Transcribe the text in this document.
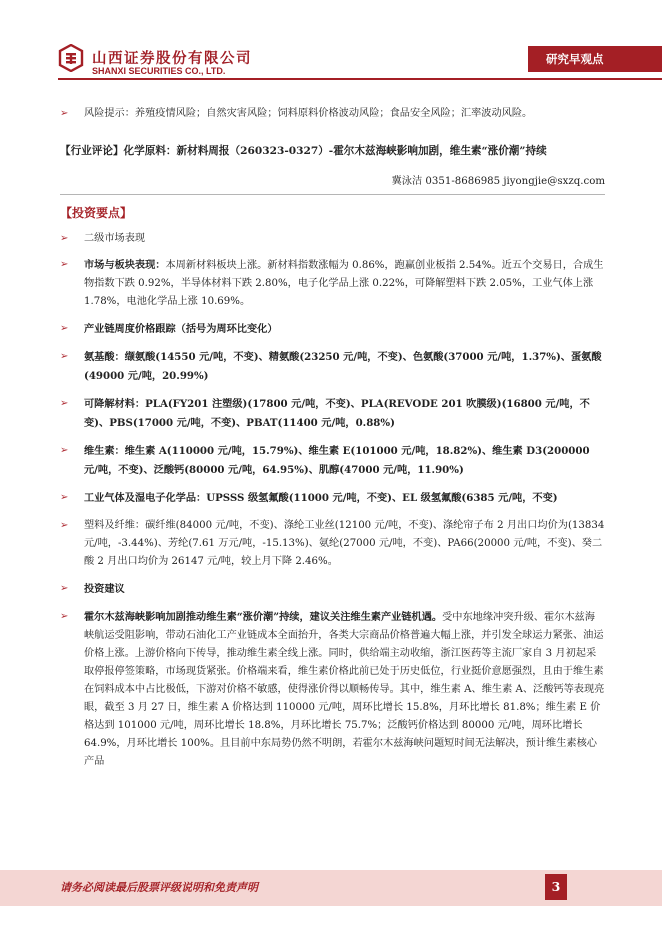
山西证券股份有限公司
SHANXI SECURITIES CO., LTD.
研究早观点
➢ 风险提示：养殖疫情风险；自然灾害风险；饲料原料价格波动风险；食品安全风险；汇率波动风险。
【行业评论】化学原料：新材料周报（260323-0327）-霍尔木兹海峡影响加剧，维生素“涨价潮”持续
冀泳洁 0351-8686985 jiyongjie@sxzq.com
【投资要点】
➢ 二级市场表现
➢ 市场与板块表现：本周新材料板块上涨。新材料指数涨幅为 0.86%，跑赢创业板指 2.54%。近五个交易日，合成生物指数下跌 0.92%，半导体材料下跌 2.80%，电子化学品上涨 0.22%，可降解塑料下跌 2.05%，工业气体上涨 1.78%，电池化学品上涨 10.69%。
➢ 产业链周度价格跟踪（括号为周环比变化）
➢ 氨基酸：缬氨酸(14550 元/吨，不变)、精氨酸(23250 元/吨，不变)、色氨酸(37000 元/吨，1.37%)、蛋氨酸(49000 元/吨，20.99%)
➢ 可降解材料：PLA(FY201 注塑级)(17800 元/吨，不变)、PLA(REVODE 201 吹膜级)(16800 元/吨，不变)、PBS(17000 元/吨，不变)、PBAT(11400 元/吨，0.88%)
➢ 维生素：维生素 A(110000 元/吨，15.79%)、维生素 E(101000 元/吨，18.82%)、维生素 D3(200000 元/吨，不变)、泛酸钙(80000 元/吨，64.95%)、肌醇(47000 元/吨，11.90%)
➢ 工业气体及湿电子化学品：UPSSS 级氢氟酸(11000 元/吨，不变)、EL 级氢氟酸(6385 元/吨，不变)
➢ 塑料及纤维：碳纤维(84000 元/吨，不变)、涤纶工业丝(12100 元/吨，不变)、涤纶帘子布 2 月出口均价为(13834 元/吨，-3.44%)、芳纶(7.61 万元/吨，-15.13%)、氨纶(27000 元/吨，不变)、PA66(20000 元/吨，不变)、癸二酸 2 月出口均价为 26147 元/吨，较上月下降 2.46%。
➢ 投资建议
➢ 霍尔木兹海峡影响加剧推动维生素“涨价潮”持续，建议关注维生素产业链机遇。受中东地缘冲突升级、霍尔木兹海峡航运受阻影响，带动石油化工产业链成本全面抬升，各类大宗商品价格普遍大幅上涨，并引发全球运力紧张、油运价格上涨。上游价格向下传导，推动维生素全线上涨。同时，供给端主动收缩，浙江医药等主流厂家自 3 月初起采取停报停签策略，市场现货紧张。价格端来看，维生素价格此前已处于历史低位，行业挺价意愿强烈，且由于维生素在饲料成本中占比极低，下游对价格不敏感，使得涨价得以顺畅传导。其中，维生素 A、维生素 A、泛酸钙等表现亮眼，截至 3 月 27 日，维生素 A 价格达到 110000 元/吨，周环比增长 15.8%，月环比增长 81.8%；维生素 E 价格达到 101000 元/吨，周环比增长 18.8%，月环比增长 75.7%；泛酸钙价格达到 80000 元/吨，周环比增长 64.9%，月环比增长 100%。且目前中东局势仍然不明朗，若霍尔木兹海峡问题短时间无法解决，预计维生素核心产品
请务必阅读最后股票评级说明和免责声明	3
